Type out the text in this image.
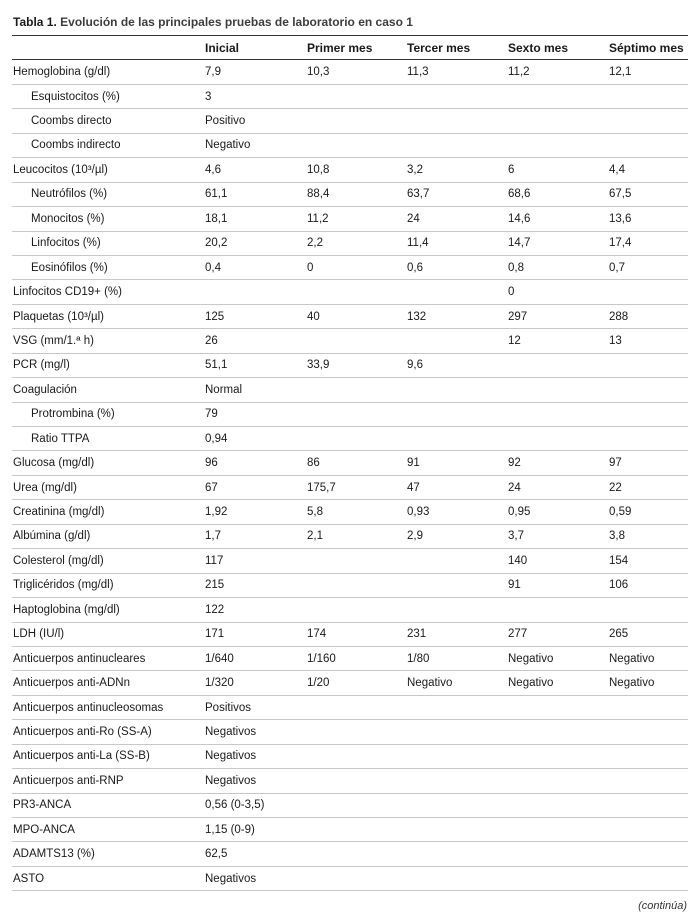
Tabla 1. Evolución de las principales pruebas de laboratorio en caso 1
	Inicial	Primer mes	Tercer mes	Sexto mes	Séptimo mes
Hemoglobina (g/dl)	7,9	10,3	11,3	11,2	12,1
Esquistocitos (%)	3				
Coombs directo	Positivo				
Coombs indirecto	Negativo				
Leucocitos (10³/µl)	4,6	10,8	3,2	6	4,4
Neutrófilos (%)	61,1	88,4	63,7	68,6	67,5
Monocitos (%)	18,1	11,2	24	14,6	13,6
Linfocitos (%)	20,2	2,2	11,4	14,7	17,4
Eosinófilos (%)	0,4	0	0,6	0,8	0,7
Linfocitos CD19+ (%)				0	
Plaquetas (10³/µl)	125	40	132	297	288
VSG (mm/1.ª h)	26			12	13
PCR (mg/l)	51,1	33,9	9,6		
Coagulación	Normal				
Protrombina (%)	79				
Ratio TTPA	0,94				
Glucosa (mg/dl)	96	86	91	92	97
Urea (mg/dl)	67	175,7	47	24	22
Creatinina (mg/dl)	1,92	5,8	0,93	0,95	0,59
Albúmina (g/dl)	1,7	2,1	2,9	3,7	3,8
Colesterol (mg/dl)	117			140	154
Triglicéridos (mg/dl)	215			91	106
Haptoglobina (mg/dl)	122				
LDH (IU/l)	171	174	231	277	265
Anticuerpos antinucleares	1/640	1/160	1/80	Negativo	Negativo
Anticuerpos anti-ADNn	1/320	1/20	Negativo	Negativo	Negativo
Anticuerpos antinucleosomas	Positivos				
Anticuerpos anti-Ro (SS-A)	Negativos				
Anticuerpos anti-La (SS-B)	Negativos				
Anticuerpos anti-RNP	Negativos				
PR3-ANCA	0,56 (0-3,5)				
MPO-ANCA	1,15 (0-9)				
ADAMTS13 (%)	62,5				
ASTO	Negativos				
(continúa)
